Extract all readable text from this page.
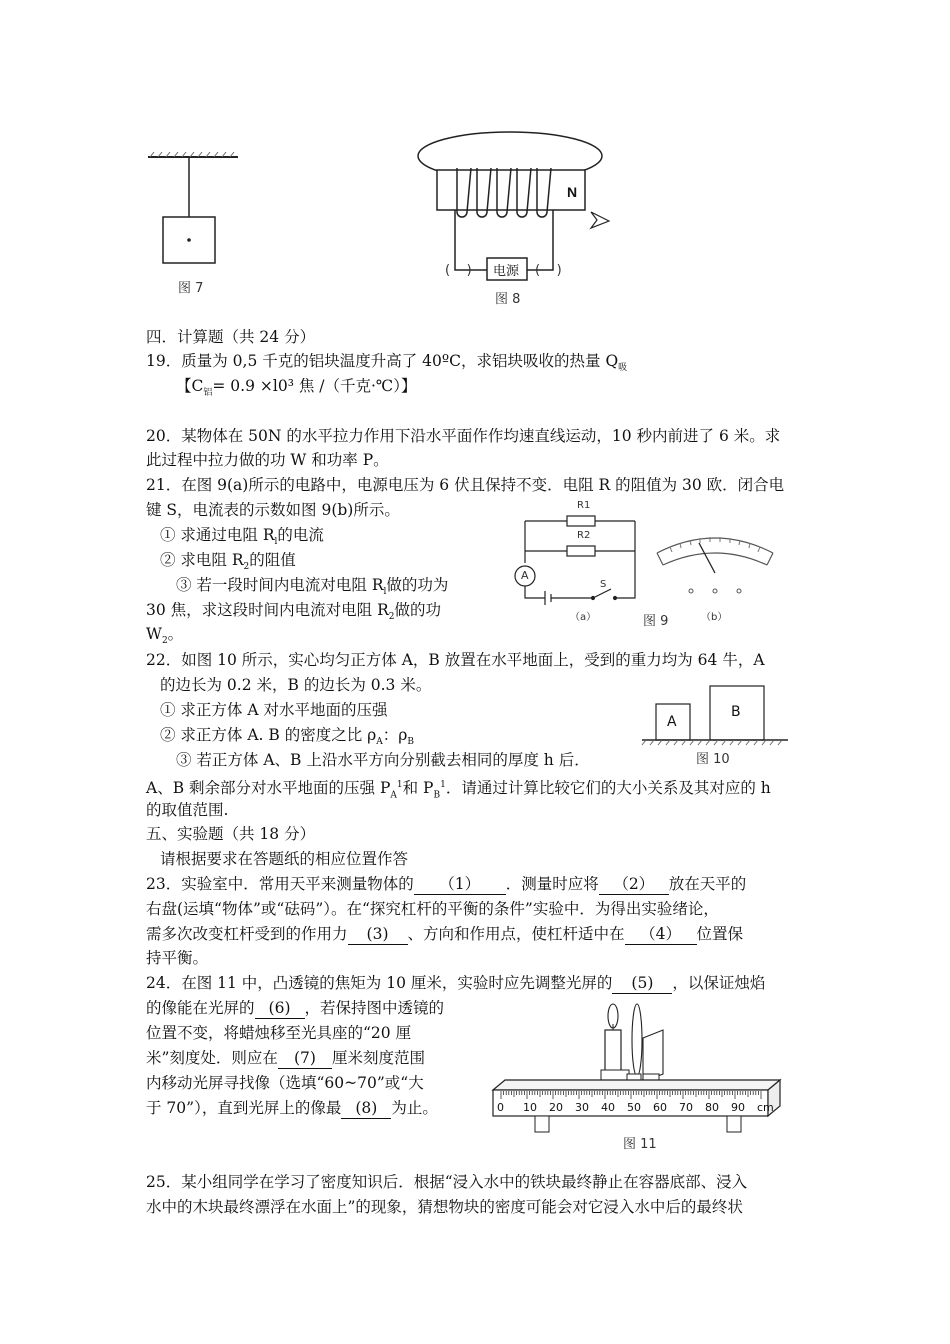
图 7
N
电源
(    )	(    )
图 8
四．计算题（共 24 分）
19．质量为 0,5 千克的铝块温度升高了 40ºC，求铝块吸收的热量 $Q_吸$
【$C_铝= 0.9 \times l0^3$ 焦 /（千克·℃）】
20．某物体在 50N 的水平拉力作用下沿水平面作作均速直线运动，10 秒内前进了 6 米。求
此过程中拉力做的功 W 和功率 P。
21．在图 9(a)所示的电路中，电源电压为 6 伏且保持不变．电阻 R 的阻值为 30 欧．闭合电
键 S，电流表的示数如图 9(b)所示。
① 求通过电阻 $R_l$的电流
② 求电阻 $R_2$的阻值
③ 若一段时间内电流对电阻 $R_l$做的功为
30 焦，求这段时间内电流对电阻 $R_2$做的功
$W_2$。
R1
R2
A
S
（a）	（b）
图 9
22．如图 10 所示，实心均匀正方体 A，B 放置在水平地面上，受到的重力均为 64 牛，A
的边长为 0.2 米，B 的边长为 0.3 米。
① 求正方体 A 对水平地面的压强
② 求正方体 A. B 的密度之比 $\rho_A$：$\rho_B$
③ 若正方体 A、B 上沿水平方向分别截去相同的厚度 h 后．
A、B 剩余部分对水平地面的压强 $P_A^1$和 $P_B^1$．请通过计算比较它们的大小关系及其对应的 h
的取值范围.
A
B
图 10
五、实验题（共 18 分）
请根据要求在答题纸的相应位置作答
23．实验室中．常用天平来测量物体的 （1） ．测量时应将 （2） 放在天平的
右盘(运填“物体”或“砝码”）。在“探究杠杆的平衡的条件”实验中．为得出实验绪论，
需多次改变杠杆受到的作用力 (3) 、方向和作用点，使杠杆适中在 （4） 位置保
持平衡。
24．在图 11 中，凸透镜的焦矩为 10 厘米，实验时应先调整光屏的 (5) ，以保证烛焰
的像能在光屏的 (6) ，若保持图中透镜的
位置不变，将蜡烛移至光具座的“20 厘
米”刻度处．则应在 (7) 厘米刻度范围
内移动光屏寻找像（选填“60~70”或“大
于 70”），直到光屏上的像最 (8) 为止。	0 10 20 30 40 50 60 70 80 90 cm
图 11
25．某小组同学在学习了密度知识后．根据“浸入水中的铁块最终静止在容器底部、浸入
水中的木块最终漂浮在水面上”的现象，猜想物块的密度可能会对它浸入水中后的最终状
